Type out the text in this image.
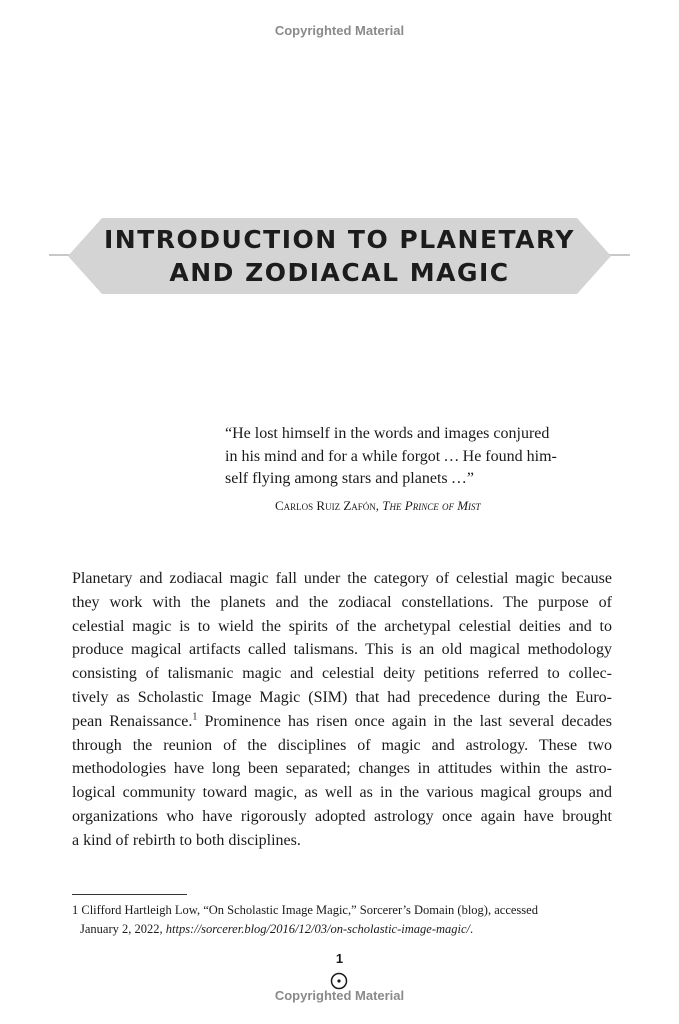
Copyrighted Material
INTRODUCTION TO PLANETARY
AND ZODIACAL MAGIC
“He lost himself in the words and images conjured
in his mind and for a while forgot … He found him-
self flying among stars and planets …”
Carlos Ruiz Zafón, The Prince of Mist
Planetary and zodiacal magic fall under the category of celestial magic because
they work with the planets and the zodiacal constellations. The purpose of
celestial magic is to wield the spirits of the archetypal celestial deities and to
produce magical artifacts called talismans. This is an old magical methodology
consisting of talismanic magic and celestial deity petitions referred to collec-
tively as Scholastic Image Magic (SIM) that had precedence during the Euro-
pean Renaissance.$^1$ Prominence has risen once again in the last several decades
through the reunion of the disciplines of magic and astrology. These two
methodologies have long been separated; changes in attitudes within the astro-
logical community toward magic, as well as in the various magical groups and
organizations who have rigorously adopted astrology once again have brought
a kind of rebirth to both disciplines.
1 Clifford Hartleigh Low, “On Scholastic Image Magic,” Sorcerer’s Domain (blog), accessed
January 2, 2022, https://sorcerer.blog/2016/12/03/on-scholastic-image-magic/.
1
Copyrighted Material
